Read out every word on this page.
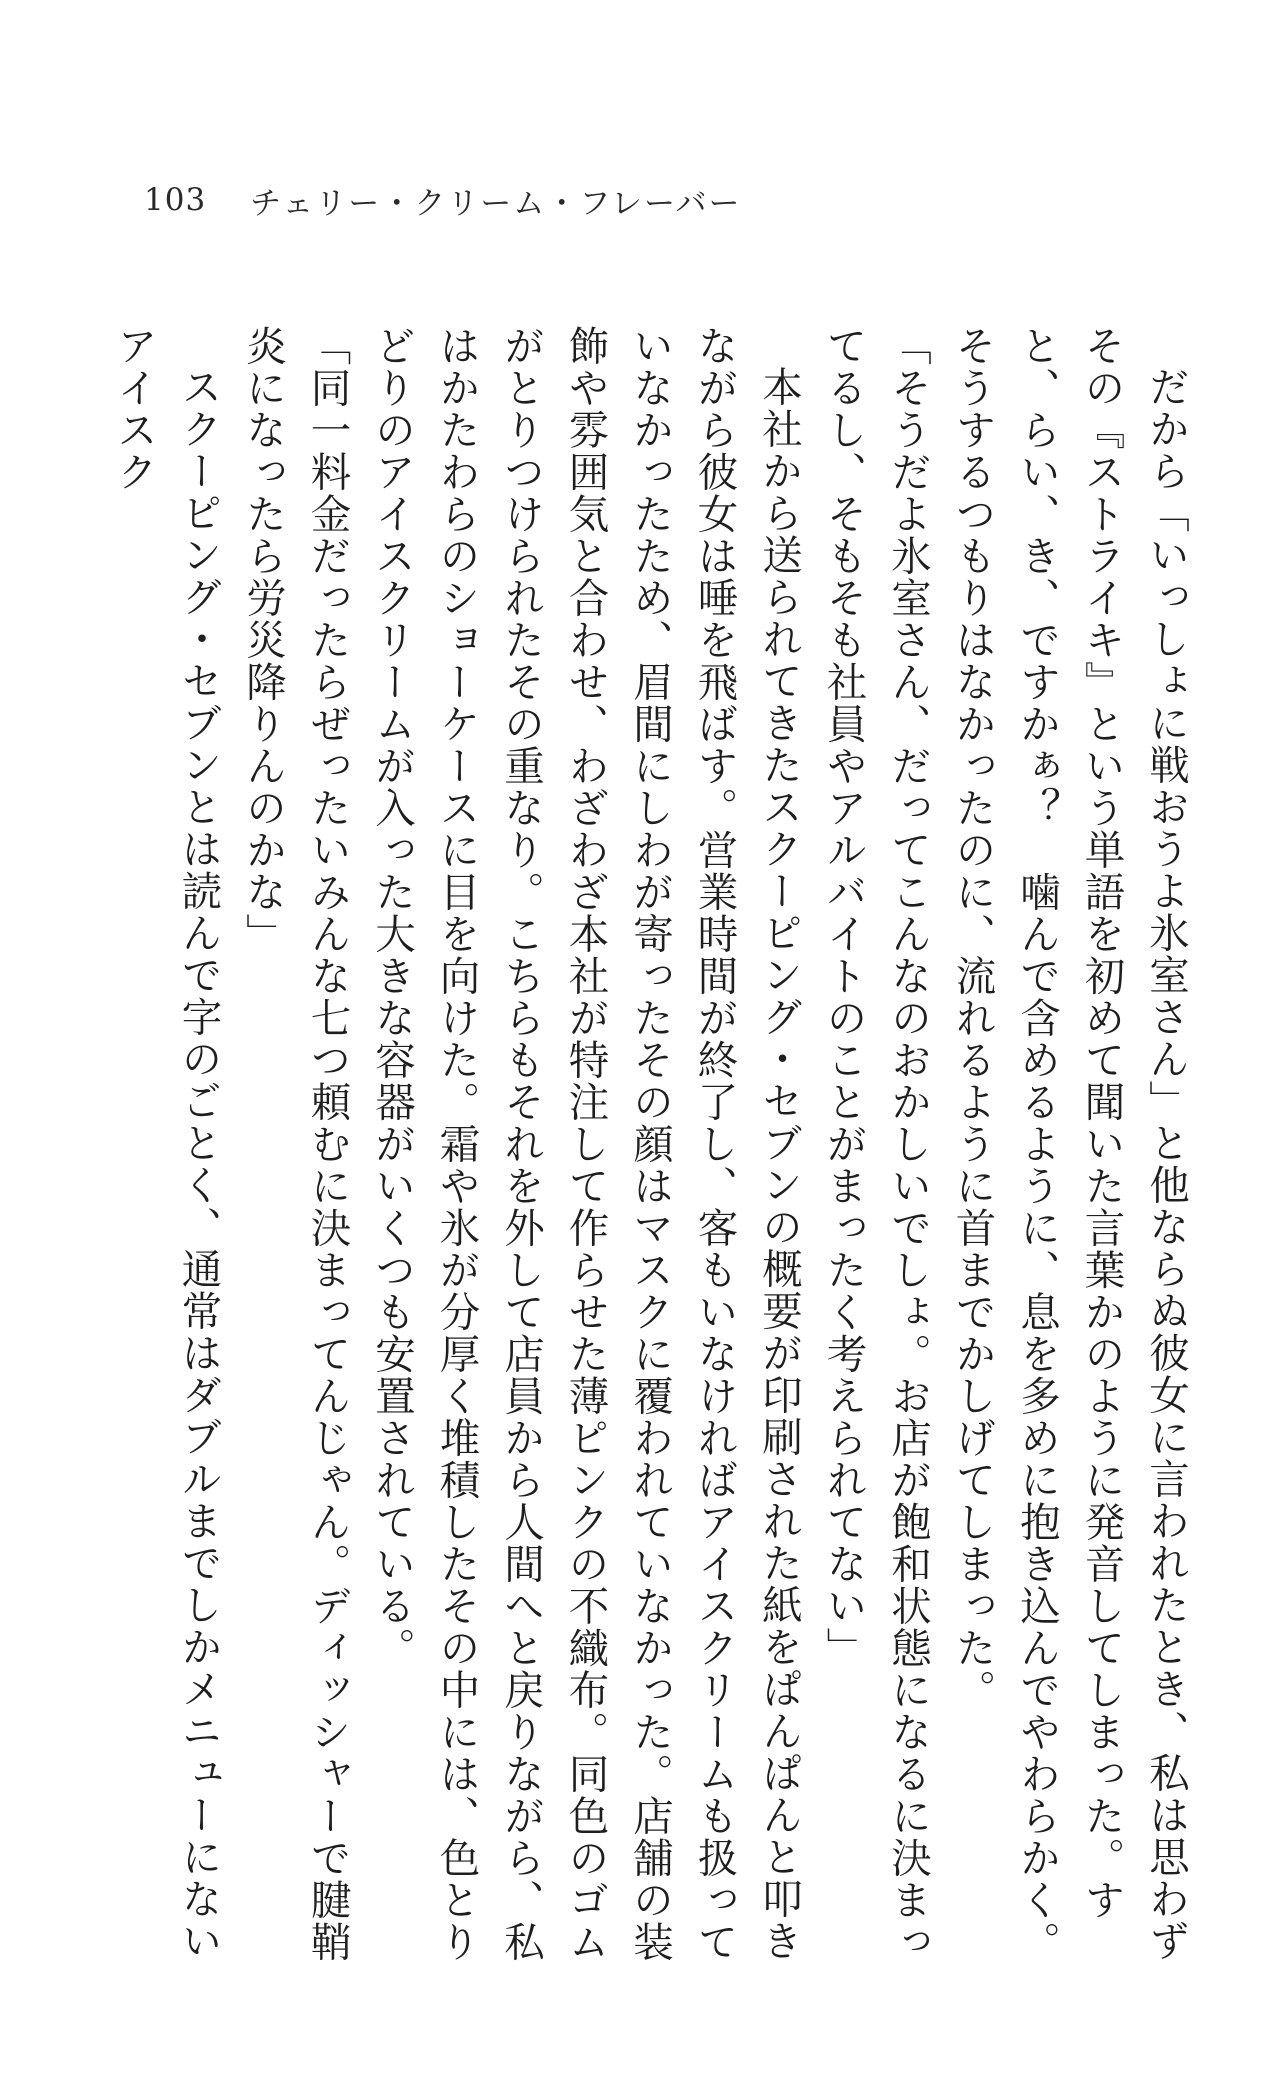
103 チェリー・クリーム・フレーバー

だから「いっしょに戦おうよ氷室さん」と他ならぬ彼女に言われたとき、私は思わずその『ストライキ』という単語を初めて聞いた言葉かのように発音してしまった。すと、らい、き、ですかぁ？　噛んで含めるように、息を多めに抱き込んでやわらかく。そうするつもりはなかったのに、流れるように首までかしげてしまった。

「そうだよ氷室さん、だってこんなのおかしいでしょ。お店が飽和状態になるに決まってるし、そもそも社員やアルバイトのことがまったく考えられてない」

本社から送られてきたスクーピング・セブンの概要が印刷された紙をぱんぱんと叩きながら彼女は唾を飛ばす。営業時間が終了し、客もいなければアイスクリームも扱っていなかったため、眉間にしわが寄ったその顔はマスクに覆われていなかった。店舗の装飾や雰囲気と合わせ、わざわざ本社が特注して作らせた薄ピンクの不織布。同色のゴムがとりつけられたその重なり。こちらもそれを外して店員から人間へと戻りながら、私はかたわらのショーケースに目を向けた。霜や氷が分厚く堆積したその中には、色とりどりのアイスクリームが入った大きな容器がいくつも安置されている。

「同一料金だったらぜったいみんな七つ頼むに決まってんじゃん。ディッシャーで腱鞘炎になったら労災降りんのかな」

スクーピング・セブンとは読んで字のごとく、通常はダブルまでしかメニューにないアイスク
